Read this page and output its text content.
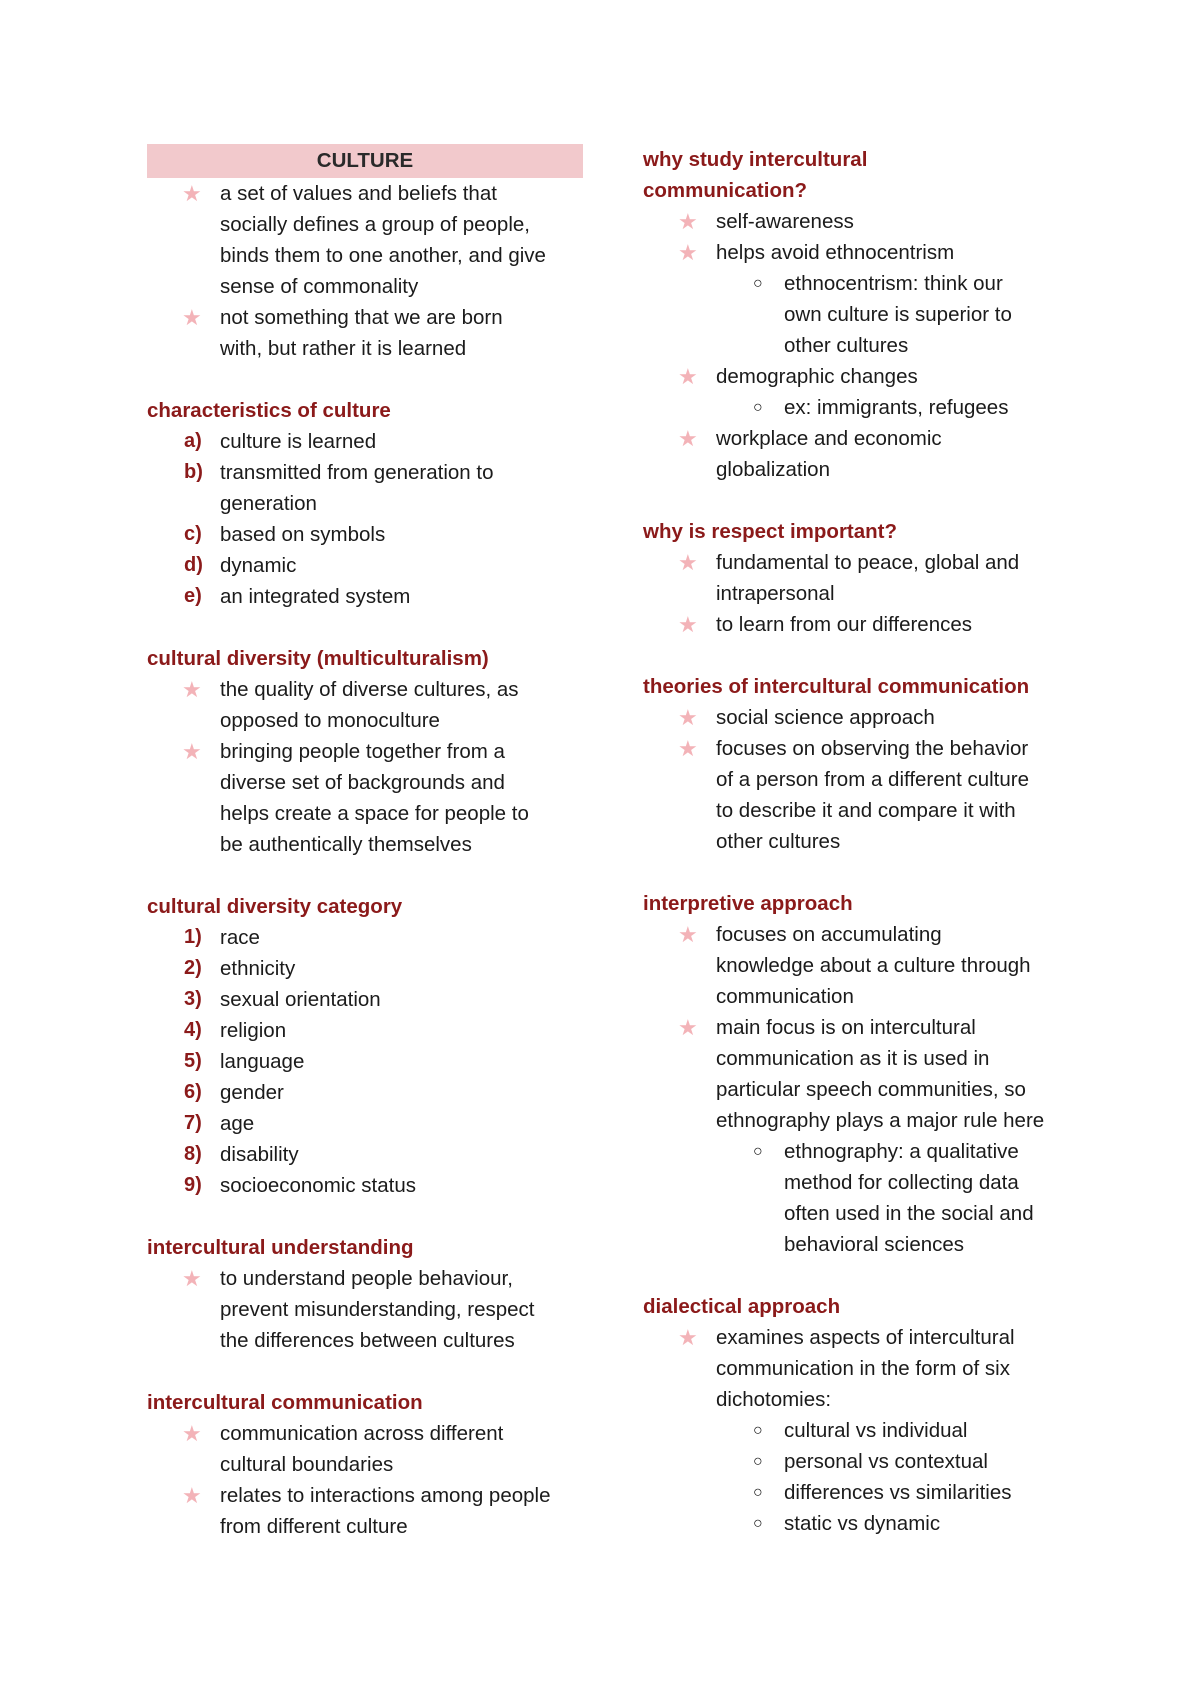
CULTURE
★ a set of values and beliefs that
socially defines a group of people,
binds them to one another, and give
sense of commonality
★ not something that we are born
with, but rather it is learned
characteristics of culture
a) culture is learned
b) transmitted from generation to
generation
c) based on symbols
d) dynamic
e) an integrated system
cultural diversity (multiculturalism)
★ the quality of diverse cultures, as
opposed to monoculture
★ bringing people together from a
diverse set of backgrounds and
helps create a space for people to
be authentically themselves
cultural diversity category
1) race
2) ethnicity
3) sexual orientation
4) religion
5) language
6) gender
7) age
8) disability
9) socioeconomic status
intercultural understanding
★ to understand people behaviour,
prevent misunderstanding, respect
the differences between cultures
intercultural communication
★ communication across different
cultural boundaries
★ relates to interactions among people
from different culture
why study intercultural
communication?
★ self-awareness
★ helps avoid ethnocentrism
○	ethnocentrism: think our
own culture is superior to
other cultures
★ demographic changes
○	ex: immigrants, refugees
★ workplace and economic
globalization
why is respect important?
★ fundamental to peace, global and
intrapersonal
★ to learn from our differences
theories of intercultural communication
★ social science approach
★ focuses on observing the behavior
of a person from a different culture
to describe it and compare it with
other cultures
interpretive approach
★ focuses on accumulating
knowledge about a culture through
communication
★ main focus is on intercultural
communication as it is used in
particular speech communities, so
ethnography plays a major rule here
○	ethnography: a qualitative
method for collecting data
often used in the social and
behavioral sciences
dialectical approach
★ examines aspects of intercultural
communication in the form of six
dichotomies:
○	cultural vs individual
○	personal vs contextual
○	differences vs similarities
○	static vs dynamic
